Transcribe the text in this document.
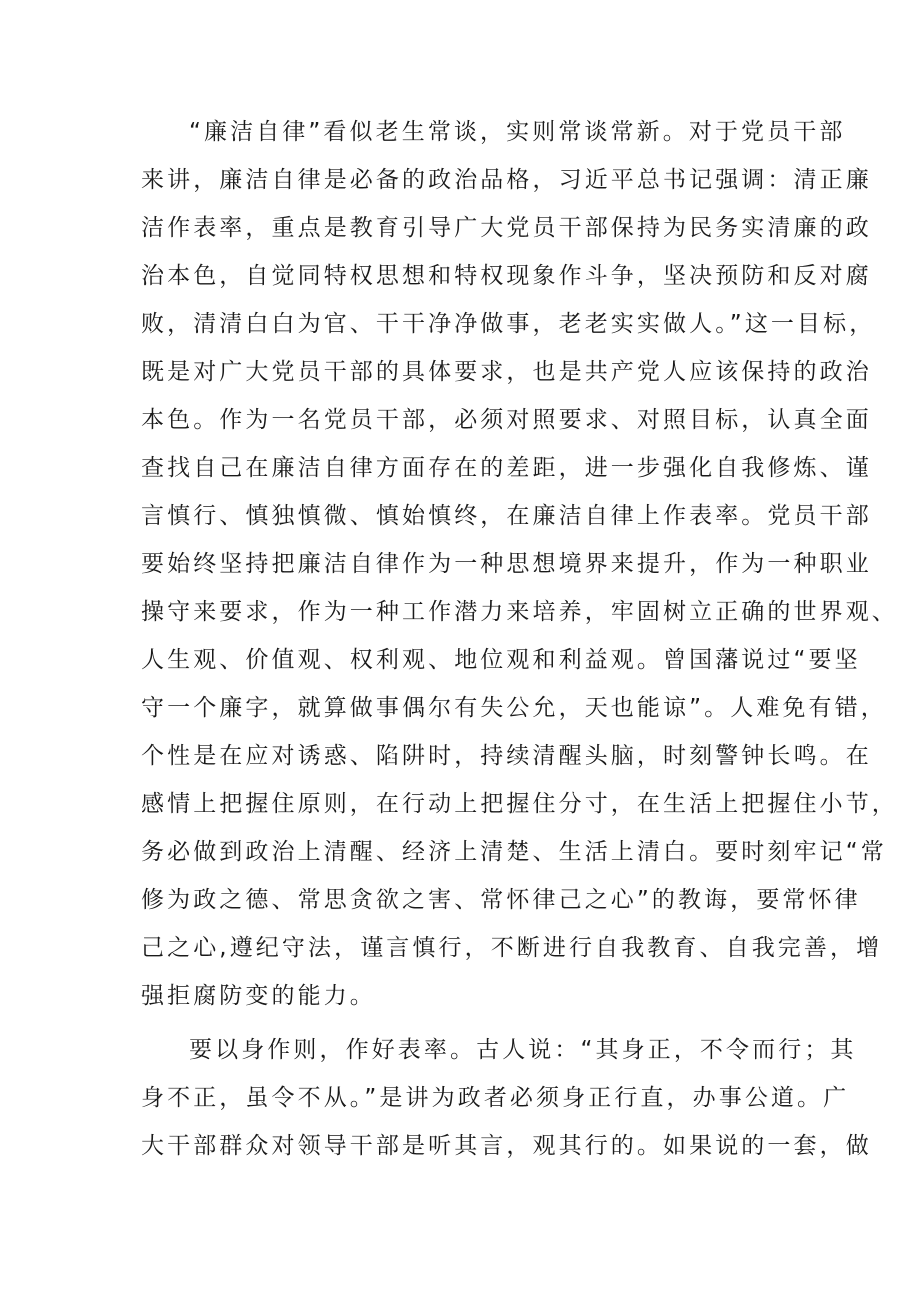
“廉洁自律”看似老生常谈，实则常谈常新。对于党员干部
来讲，廉洁自律是必备的政治品格，习近平总书记强调：清正廉
洁作表率，重点是教育引导广大党员干部保持为民务实清廉的政
治本色，自觉同特权思想和特权现象作斗争，坚决预防和反对腐
败，清清白白为官、干干净净做事，老老实实做人。”这一目标，
既是对广大党员干部的具体要求，也是共产党人应该保持的政治
本色。作为一名党员干部，必须对照要求、对照目标，认真全面
查找自己在廉洁自律方面存在的差距，进一步强化自我修炼、谨
言慎行、慎独慎微、慎始慎终，在廉洁自律上作表率。党员干部
要始终坚持把廉洁自律作为一种思想境界来提升，作为一种职业
操守来要求，作为一种工作潜力来培养，牢固树立正确的世界观、
人生观、价值观、权利观、地位观和利益观。曾国藩说过“要坚
守一个廉字，就算做事偶尔有失公允，天也能谅”。人难免有错，
个性是在应对诱惑、陷阱时，持续清醒头脑，时刻警钟长鸣。在
感情上把握住原则，在行动上把握住分寸，在生活上把握住小节，
务必做到政治上清醒、经济上清楚、生活上清白。要时刻牢记“常
修为政之德、常思贪欲之害、常怀律己之心”的教诲，要常怀律
己之心,遵纪守法，谨言慎行，不断进行自我教育、自我完善，增
强拒腐防变的能力。
要以身作则，作好表率。古人说：“其身正，不令而行；其
身不正，虽令不从。”是讲为政者必须身正行直，办事公道。广
大干部群众对领导干部是听其言，观其行的。如果说的一套，做
